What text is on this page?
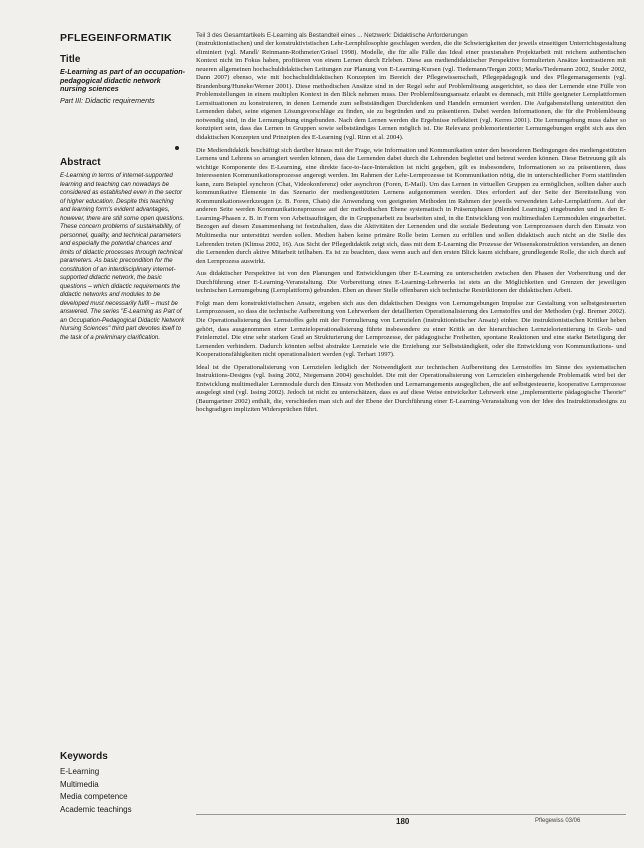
PFLEGEINFORMATIK
Title

E-Learning as part of an occupation-pedagogical didactic network nursing sciences

Part III: Didactic requirements

Abstract

E-Learning in terms of internet-supported learning and teaching can nowadays be considered as established even in the sector of higher education. Despite this teaching and learning form's evident advantages, however, there are still some open questions. These concern problems of sustainability, of personnel, quality, and technical parameters and especially the potential chances and limits of didactic processes through technical parameters. As basic precondition for the constitution of an interdisciplinary internet-supported didactic network, the basic questions – which didactic requirements the didactic networks and modules to be developed must necessarily fulfil – must be answered. The series "E-Learning as Part of an Occupation-Pedagogical Didactic Network Nursing Sciences" third part devotes itself to the task of a preliminary clarification.

Keywords
E-Learning
Multimedia
Media competence
Academic teachings
Teil 3 des Gesamtartikels E-Learning als Bestandteil eines ... Netzwerk: Didaktische Anforderungen

(instruktionistischen) und der konstruktivistischen Lehr-Lernphilosophie geschlagen werden, die die Schwierigkeiten der jeweils einseitigen Unterrichtsgestaltung eliminiert (vgl. Mandl/ Reinmann-Rothmeier/Gräsel 1998). Modelle, die für alle Fälle das Ideal einer praxisnahen Projektarbeit mit reichem authentischen Kontext nicht im Fokus haben, profitieren von einem Lernen durch Erleben. Diese aus mediendidaktischer Perspektive formulierten Ansätze kontrastieren mit neueren allgemeinen hochschuldidaktischen Leitungen zur Planung von E-Learning-Kursen (vgl. Tiedemann/Tergan 2003; Marks/Tiedemann 2002, Studer 2002, Dann 2007) ebenso, wie mit hochschuldidaktischen Konzepten im Bereich der Pflegewissenschaft, Pflegepädagogik und des Pflegemanagements (vgl. Brandenburg/Huneke/Werner 2001). Diese methodischen Ansätze sind in der Regel sehr auf Problemlösung ausgerichtet, so dass der Lernende eine Fülle von Problemstellungen in einem multiplen Kontext in den Blick nehmen muss. Der Problemlösungsansatz erlaubt es demnach, mit Hilfe geeigneter Lernplattformen Lernsituationen zu konstruieren, in denen Lernende zum selbstständigen Durchdenken und Handeln ermuntert werden. Die Aufgabenstellung unterstützt den Lernenden dabei, seine eigenen Lösungsvorschläge zu finden, sie zu begründen und zu präsentieren. Dabei werden Informationen, die für die Problemlösung notwendig sind, in die Lernumgebung eingebunden. Nach dem Lernen werden die Ergebnisse reflektiert (vgl. Kerres 2001). Die Lernumgebung muss daher so konzipiert sein, dass das Lernen in Gruppen sowie selbstständiges Lernen möglich ist. Die Relevanz problemorientierter Lernumgebungen ergibt sich aus den didaktischen Konzepten und Prinzipien des E-Learning (vgl. Rinn et al. 2004).

Die Mediendidaktik beschäftigt sich darüber hinaus mit der Frage, wie Information und Kommunikation unter den besonderen Bedingungen des mediengestützten Lernens und Lehrens so arrangiert werden können, dass die Lernenden dabei durch die Lehrenden begleitet und betreut werden können. Diese Betreuung gilt als wichtige Komponente des E-Learning, eine direkte face-to-face-Interaktion ist nicht gegeben, gilt es insbesondere, Informationen so zu präsentieren, dass Interessenten Kommunikationsprozesse angeregt werden. Im Rahmen der Lehr-Lernprozesse ist Kommunikation nötig, die in unterschiedlicher Form stattfinden kann, zum Beispiel synchron (Chat, Videokonferenz) oder asynchron (Foren, E-Mail). Um das Lernen in virtuellen Gruppen zu ermöglichen, sollten daher auch kommunikative Elemente in das Szenario der mediengestützten Lernens aufgenommen werden. Dies erfordert auf der Seite der Bereitstellung von Kommunikationswerkzeugen (z. B. Foren, Chats) die Anwendung von geeigneten Methoden im Rahmen der jeweils verwendeten Lehr-Lernplattform. Auf der anderen Seite werden Kommunikationsprozesse auf der methodischen Ebene systematisch in Präsenzphasen (Blended Learning) eingebunden und in den E-Learning-Phasen z. B. in Form von Arbeitsaufträgen, die in Gruppenarbeit zu bearbeiten sind, in die Entwicklung von multimedialen Lernmodulen eingearbeitet. Bezogen auf diesen Zusammenhang ist festzuhalten, dass die Aktivitäten der Lernenden und die soziale Bedeutung von Lernprozessen durch den Einsatz von Multimedia nur unterstützt werden sollen. Medien haben keine primäre Rolle beim Lernen zu erfüllen und sollen didaktisch auch nicht an die Stelle des Lehrenden treten (Klimsa 2002, 16). Aus Sicht der Pflegedidaktik zeigt sich, dass mit dem E-Learning die Prozesse der Wissenskonstruktion verstanden, an denen die Lernenden durch aktive Mitarbeit teilhaben. Es ist zu beachten, dass wenn auch auf den ersten Blick kaum sichtbare, grundlegende Rolle, die sich durch auf den Lernprozess auswirkt.

Aus didaktischer Perspektive ist von den Planungen und Entwicklungen über E-Learning zu unterscheiden zwischen den Phasen der Vorbereitung und der Durchführung einer E-Learning-Veranstaltung. Die Vorbereitung eines E-Learning-Lehrwerks ist stets an die Möglichkeiten und Grenzen der jeweiligen technischen Lernumgebung (Lernplattform) gebunden. Eben an dieser Stelle offenbaren sich technische Restriktionen der didaktischen Arbeit.

Folgt man dem konstruktivistischen Ansatz, ergeben sich aus den didaktischen Designs von Lernumgebungen Impulse zur Gestaltung von selbstgesteuerten Lernprozessen, so dass die technische Aufbereitung von Lehrwerken der detaillierten Operationalisierung des Lernstoffes und der Methoden (vgl. Bremer 2002). Die Operationalisierung des Lernstoffes geht mit der Formulierung von Lernzielen (instruktionistischer Ansatz) einher. Die instruktionistischen Kritiker heben gehört, dass ausgenommen einer Lernzieloperationalisierung führte insbesondere zu einer Kritik an der hierarchischen Lernzielorientierung in Grob- und Feinlernziel. Die eine sehr starken Grad an Strukturierung der Lernprozesse, der pädagogische Freiheiten, spontane Reaktionen und eine starke Beteiligung der Lernenden verhindern. Dadurch könnten selbst abstrakte Lernziele wie die Erziehung zur Selbstständigkeit, oder die Entwicklung von Kommunikations- und Kooperationsfähigkeiten nicht operationalisiert werden (vgl. Terhart 1997).

Ideal ist die Operationalisierung von Lernzielen lediglich der Notwendigkeit zur technischen Aufbereitung des Lernstoffes im Sinne des systematischen Instruktions-Designs (vgl. Issing 2002, Niegemann 2004) geschuldet. Die mit der Operationalisierung von Lernzielen einhergehende Problematik wird bei der Entwicklung multimedialer Lernmodule durch den Einsatz von Methoden und Lernarrangements ausgeglichen, die auf selbstgesteuerte, kooperative Lernprozesse ausgelegt sind (vgl. Issing 2002). Jedoch ist nicht zu unterschätzen, dass es auf diese Weise entwickelter Lehrwerk eine „implementierte pädagogische Theorie“ (Baumgartner 2002) enthält, die, verschieden man sich auf der Ebene der Durchführung einer E-Learning-Veranstaltung von der Idee des Instruktionsdesigns zu hochgradigen impliziten Widersprüchen führt.

180	Pflegewiss 03/06
